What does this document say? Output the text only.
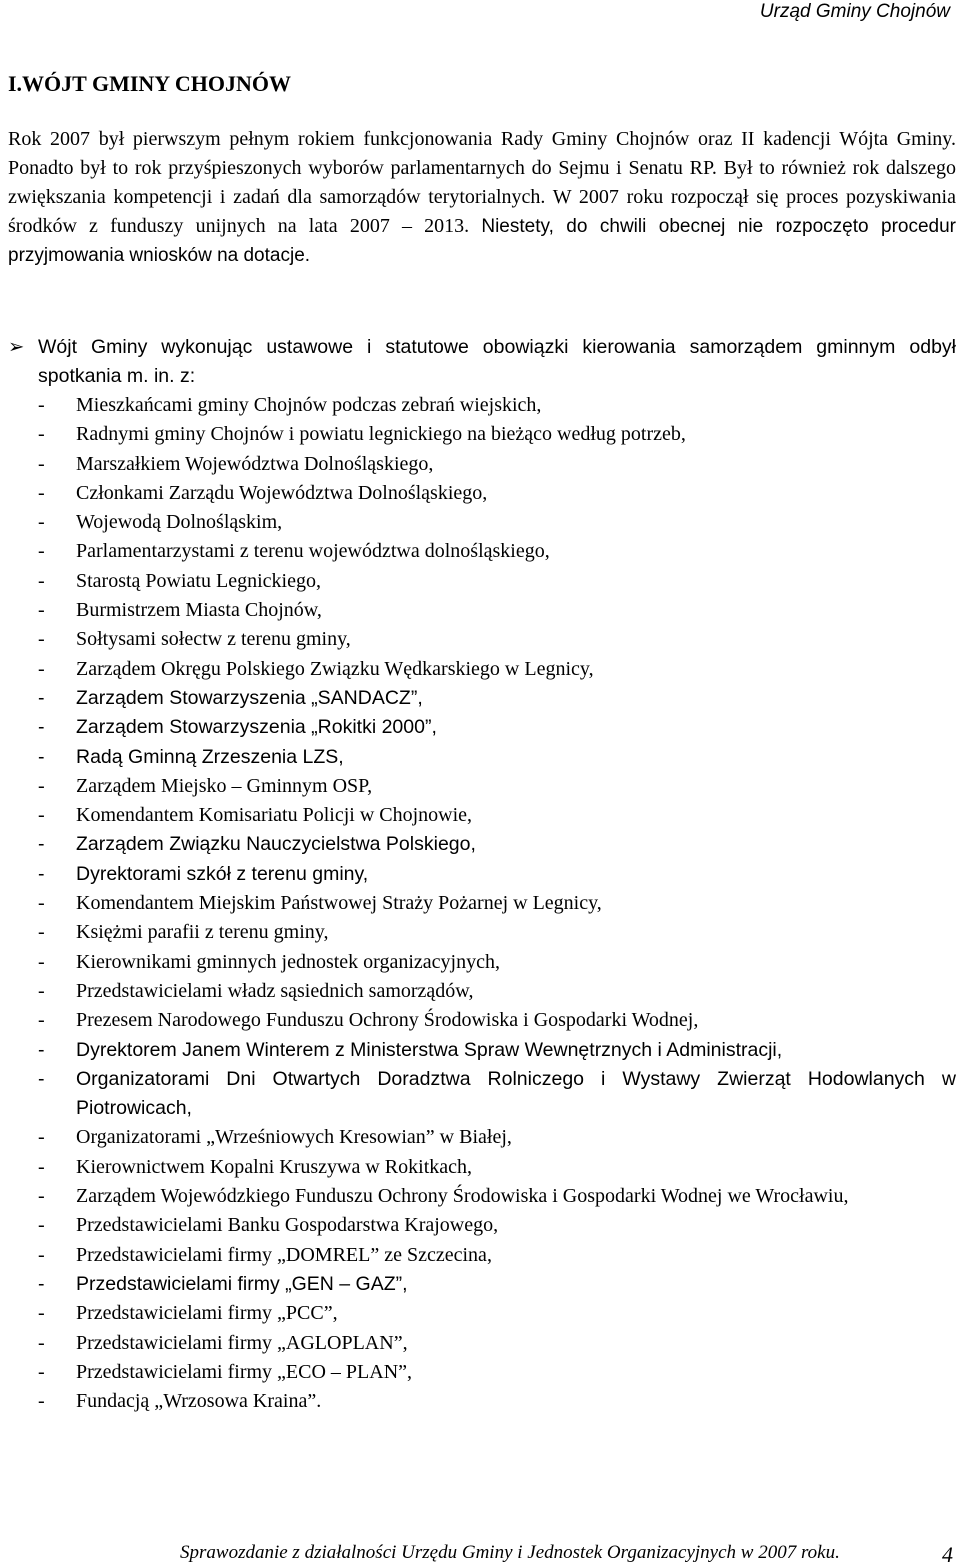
Urząd Gminy Chojnów
I.WÓJT GMINY CHOJNÓW

Rok 2007 był pierwszym pełnym rokiem funkcjonowania Rady Gminy Chojnów oraz II kadencji Wójta Gminy. Ponadto był to rok przyśpieszonych wyborów parlamentarnych do Sejmu i Senatu RP. Był to również rok dalszego zwiększania kompetencji i zadań dla samorządów terytorialnych. W 2007 roku rozpoczął się proces pozyskiwania środków z funduszy unijnych na lata 2007 – 2013. Niestety, do chwili obecnej nie rozpoczęto procedur przyjmowania wniosków na dotacje.

➢ Wójt Gminy wykonując ustawowe i statutowe obowiązki kierowania samorządem gminnym odbył spotkania m. in. z:
- Mieszkańcami gminy Chojnów podczas zebrań wiejskich,
- Radnymi gminy Chojnów i powiatu legnickiego na bieżąco według potrzeb,
- Marszałkiem Województwa Dolnośląskiego,
- Członkami Zarządu Województwa Dolnośląskiego,
- Wojewodą Dolnośląskim,
- Parlamentarzystami z terenu województwa dolnośląskiego,
- Starostą Powiatu Legnickiego,
- Burmistrzem Miasta Chojnów,
- Sołtysami sołectw z terenu gminy,
- Zarządem Okręgu Polskiego Związku Wędkarskiego w Legnicy,
- Zarządem Stowarzyszenia „SANDACZ”,
- Zarządem Stowarzyszenia „Rokitki 2000”,
- Radą Gminną Zrzeszenia LZS,
- Zarządem Miejsko – Gminnym OSP,
- Komendantem Komisariatu Policji w Chojnowie,
- Zarządem Związku Nauczycielstwa Polskiego,
- Dyrektorami szkół z terenu gminy,
- Komendantem Miejskim Państwowej Straży Pożarnej w Legnicy,
- Księżmi parafii z terenu gminy,
- Kierownikami gminnych jednostek organizacyjnych,
- Przedstawicielami władz sąsiednich samorządów,
- Prezesem Narodowego Funduszu Ochrony Środowiska i Gospodarki Wodnej,
- Dyrektorem Janem Winterem z Ministerstwa Spraw Wewnętrznych i Administracji,
- Organizatorami Dni Otwartych Doradztwa Rolniczego i Wystawy Zwierząt Hodowlanych w Piotrowicach,
- Organizatorami „Wrześniowych Kresowian” w Białej,
- Kierownictwem Kopalni Kruszywa w Rokitkach,
- Zarządem Wojewódzkiego Funduszu Ochrony Środowiska i Gospodarki Wodnej we Wrocławiu,
- Przedstawicielami Banku Gospodarstwa Krajowego,
- Przedstawicielami firmy „DOMREL” ze Szczecina,
- Przedstawicielami firmy „GEN – GAZ”,
- Przedstawicielami firmy „PCC”,
- Przedstawicielami firmy „AGLOPLAN”,
- Przedstawicielami firmy „ECO – PLAN”,
- Fundacją „Wrzosowa Kraina”.
Sprawozdanie z działalności Urzędu Gminy i Jednostek Organizacyjnych w 2007 roku.	4
